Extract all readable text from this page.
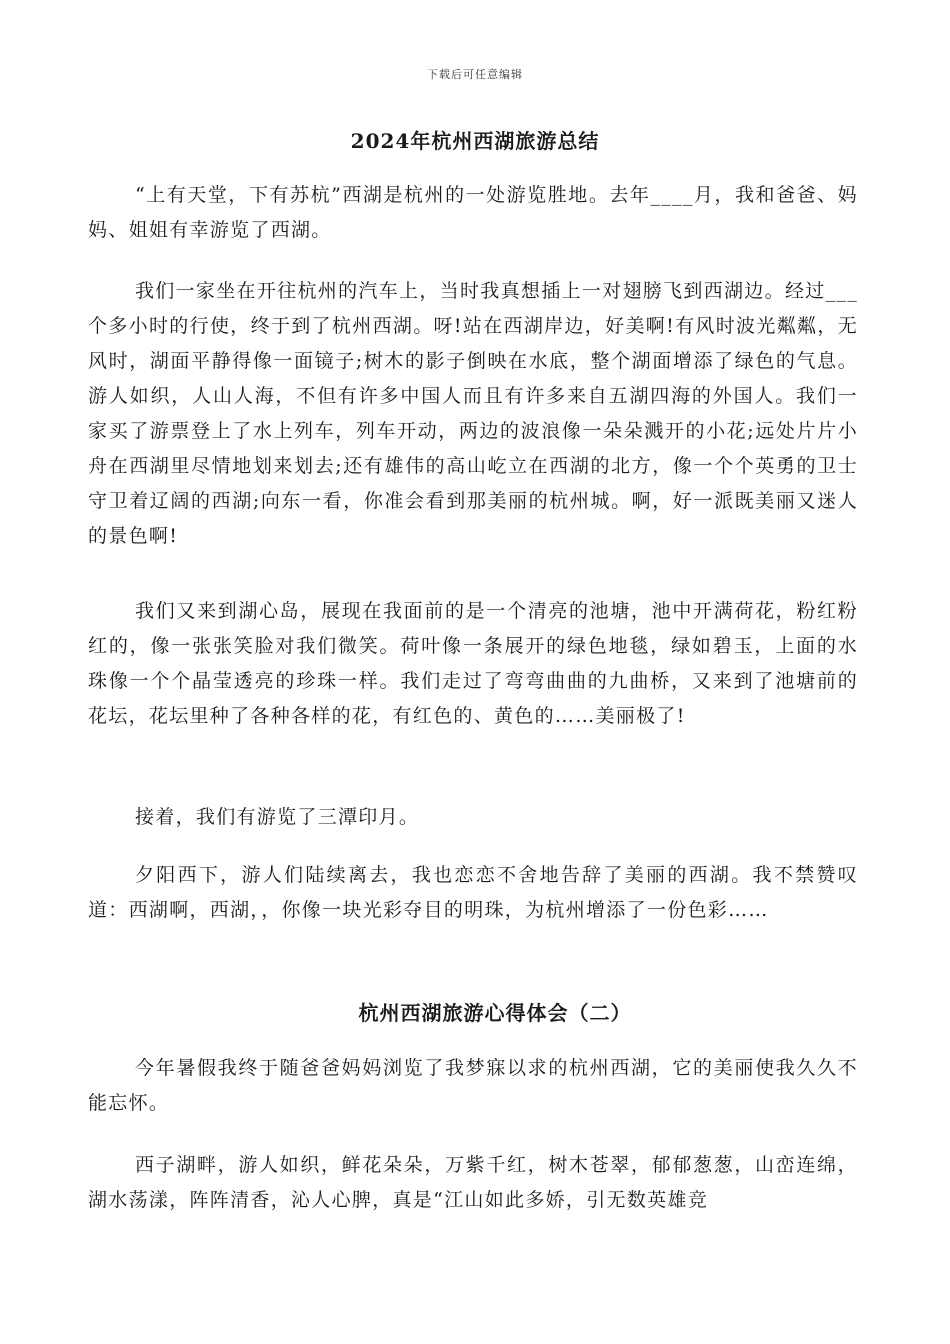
下载后可任意编辑
2024年杭州西湖旅游总结

“上有天堂，下有苏杭”西湖是杭州的一处游览胜地。去年____月，我和爸爸、妈妈、姐姐有幸游览了西湖。

我们一家坐在开往杭州的汽车上，当时我真想插上一对翅膀飞到西湖边。经过___个多小时的行使，终于到了杭州西湖。呀!站在西湖岸边，好美啊!有风时波光粼粼，无风时，湖面平静得像一面镜子;树木的影子倒映在水底，整个湖面增添了绿色的气息。游人如织，人山人海，不但有许多中国人而且有许多来自五湖四海的外国人。我们一家买了游票登上了水上列车，列车开动，两边的波浪像一朵朵溅开的小花;远处片片小舟在西湖里尽情地划来划去;还有雄伟的高山屹立在西湖的北方，像一个个英勇的卫士守卫着辽阔的西湖;向东一看，你准会看到那美丽的杭州城。啊，好一派既美丽又迷人的景色啊!

我们又来到湖心岛，展现在我面前的是一个清亮的池塘，池中开满荷花，粉红粉红的，像一张张笑脸对我们微笑。荷叶像一条展开的绿色地毯，绿如碧玉，上面的水珠像一个个晶莹透亮的珍珠一样。我们走过了弯弯曲曲的九曲桥，又来到了池塘前的花坛，花坛里种了各种各样的花，有红色的、黄色的……美丽极了!

接着，我们有游览了三潭印月。

夕阳西下，游人们陆续离去，我也恋恋不舍地告辞了美丽的西湖。我不禁赞叹道：西湖啊，西湖，，你像一块光彩夺目的明珠，为杭州增添了一份色彩……

杭州西湖旅游心得体会（二）

今年暑假我终于随爸爸妈妈浏览了我梦寐以求的杭州西湖，它的美丽使我久久不能忘怀。

西子湖畔，游人如织，鲜花朵朵，万紫千红，树木苍翠，郁郁葱葱，山峦连绵，湖水荡漾，阵阵清香，沁人心脾，真是“江山如此多娇，引无数英雄竞
